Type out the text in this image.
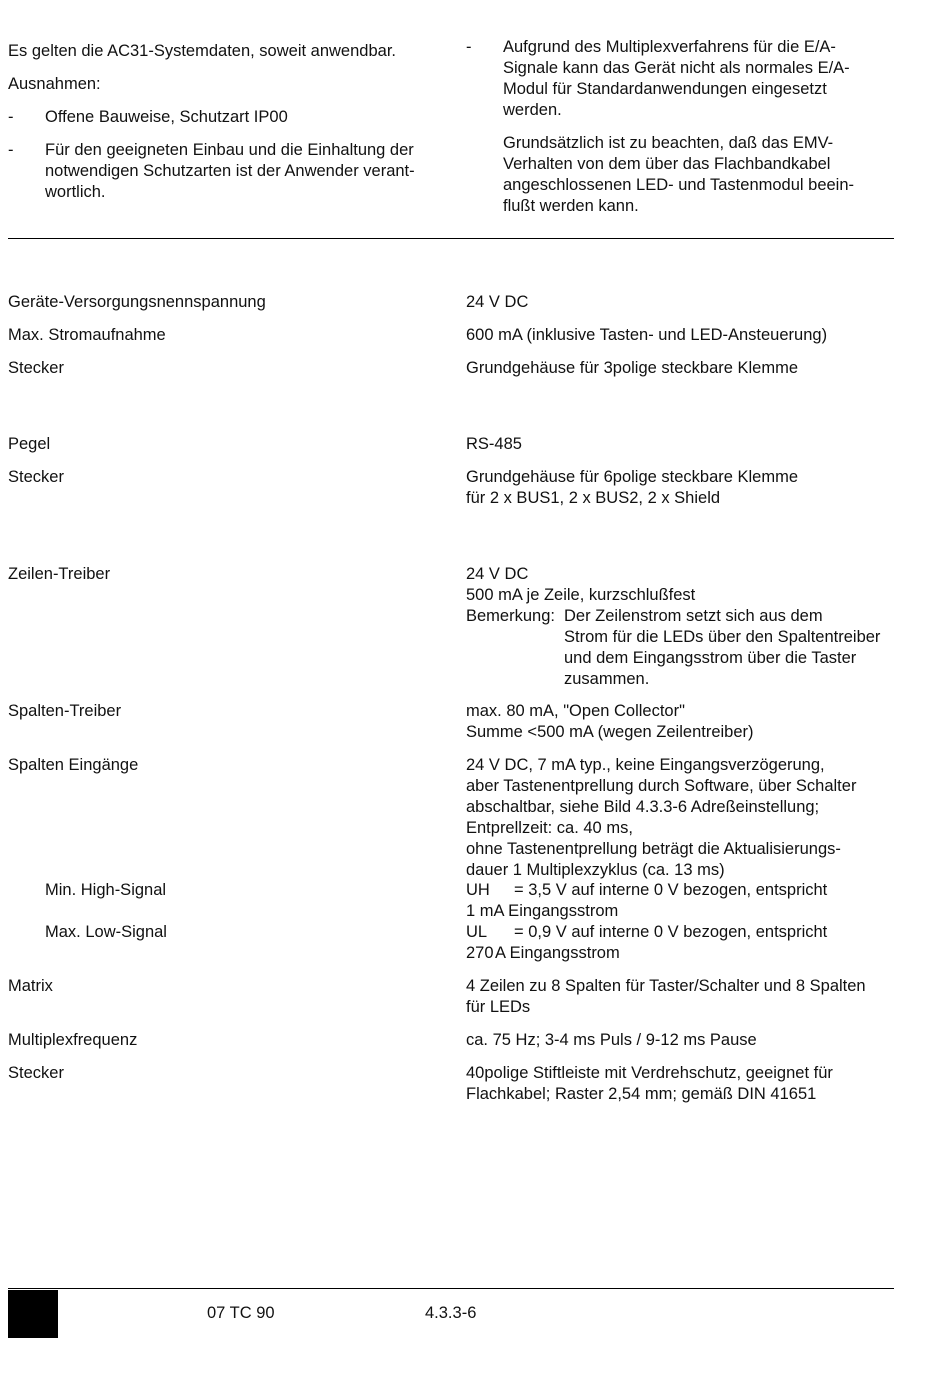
Es gelten die AC31-Systemdaten, soweit anwendbar.
Ausnahmen:
- Offene Bauweise, Schutzart IP00
- Für den geeigneten Einbau und die Einhaltung der
notwendigen Schutzarten ist der Anwender verant-
wortlich.
- Aufgrund des Multiplexverfahrens für die E/A-
Signale kann das Gerät nicht als normales E/A-
Modul für Standardanwendungen eingesetzt
werden.
Grundsätzlich ist zu beachten, daß das EMV-
Verhalten von dem über das Flachbandkabel
angeschlossenen LED- und Tastenmodul beein-
flußt werden kann.
Geräte-Versorgungsnennspannung	24 V DC
Max. Stromaufnahme	600 mA (inklusive Tasten- und LED-Ansteuerung)
Stecker	Grundgehäuse für 3polige steckbare Klemme
Pegel	RS-485
Stecker	Grundgehäuse für 6polige steckbare Klemme
für 2 x BUS1, 2 x BUS2, 2 x Shield
Zeilen-Treiber	24 V DC
500 mA je Zeile, kurzschlußfest
Bemerkung: Der Zeilenstrom setzt sich aus dem
Strom für die LEDs über den Spaltentreiber
und dem Eingangsstrom über die Taster
zusammen.
Spalten-Treiber	max. 80 mA, "Open Collector"
Summe <500 mA (wegen Zeilentreiber)
Spalten Eingänge	24 V DC, 7 mA typ., keine Eingangsverzögerung,
aber Tastenentprellung durch Software, über Schalter
abschaltbar, siehe Bild 4.3.3-6 Adreßeinstellung;
Entprellzeit: ca. 40 ms,
ohne Tastenentprellung beträgt die Aktualisierungs-
dauer 1 Multiplexzyklus (ca. 13 ms)
Min. High-Signal	UH = 3,5 V auf interne 0 V bezogen, entspricht
1 mA Eingangsstrom
Max. Low-Signal	UL = 0,9 V auf interne 0 V bezogen, entspricht
270A Eingangsstrom
Matrix	4 Zeilen zu 8 Spalten für Taster/Schalter und 8 Spalten
für LEDs
Multiplexfrequenz	ca. 75 Hz; 3-4 ms Puls / 9-12 ms Pause
Stecker	40polige Stiftleiste mit Verdrehschutz, geeignet für
Flachkabel; Raster 2,54 mm; gemäß DIN 41651
07 TC 90	4.3.3-6
